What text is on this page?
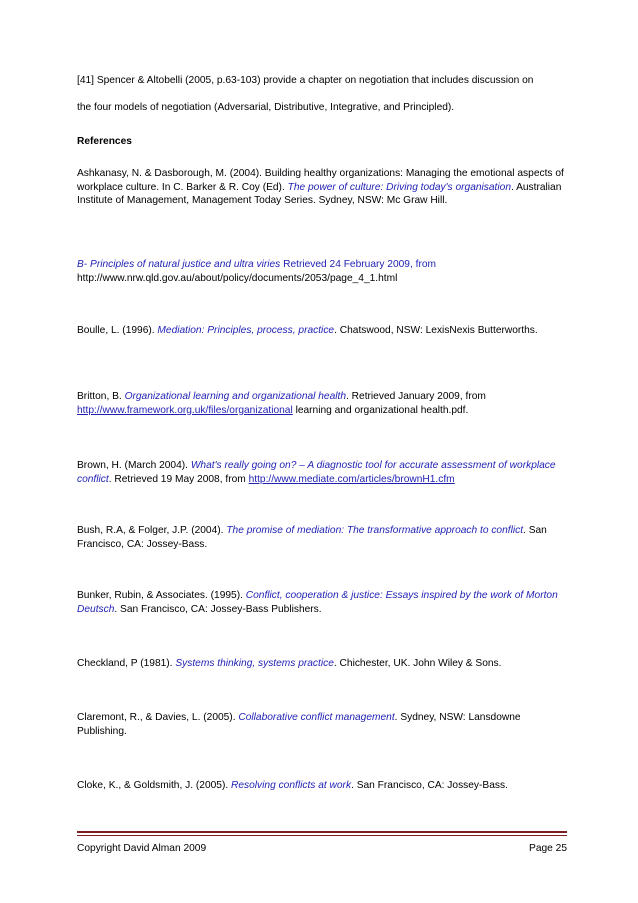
[41] Spencer & Altobelli (2005, p.63-103) provide a chapter on negotiation that includes discussion on
the four models of negotiation (Adversarial, Distributive, Integrative, and Principled).
References
Ashkanasy, N. & Dasborough, M. (2004). Building healthy organizations: Managing the emotional aspects of workplace culture. In C. Barker & R. Coy (Ed). The power of culture: Driving today's organisation. Australian Institute of Management, Management Today Series. Sydney, NSW: Mc Graw Hill.
B- Principles of natural justice and ultra viries Retrieved 24 February 2009, from
http://www.nrw.qld.gov.au/about/policy/documents/2053/page_4_1.html
Boulle, L. (1996). Mediation: Principles, process, practice. Chatswood, NSW: LexisNexis Butterworths.
Britton, B. Organizational learning and organizational health. Retrieved January 2009, from
http://www.framework.org.uk/files/organizational learning and organizational health.pdf.
Brown, H. (March 2004). What's really going on? – A diagnostic tool for accurate assessment of workplace conflict. Retrieved 19 May 2008, from http://www.mediate.com/articles/brownH1.cfm
Bush, R.A, & Folger, J.P. (2004). The promise of mediation: The transformative approach to conflict. San Francisco, CA: Jossey-Bass.
Bunker, Rubin, & Associates. (1995). Conflict, cooperation & justice: Essays inspired by the work of Morton Deutsch. San Francisco, CA: Jossey-Bass Publishers.
Checkland, P (1981). Systems thinking, systems practice. Chichester, UK. John Wiley & Sons.
Claremont, R., & Davies, L. (2005). Collaborative conflict management. Sydney, NSW: Lansdowne Publishing.
Cloke, K., & Goldsmith, J. (2005). Resolving conflicts at work. San Francisco, CA: Jossey-Bass.
Copyright David Alman 2009	Page 25
